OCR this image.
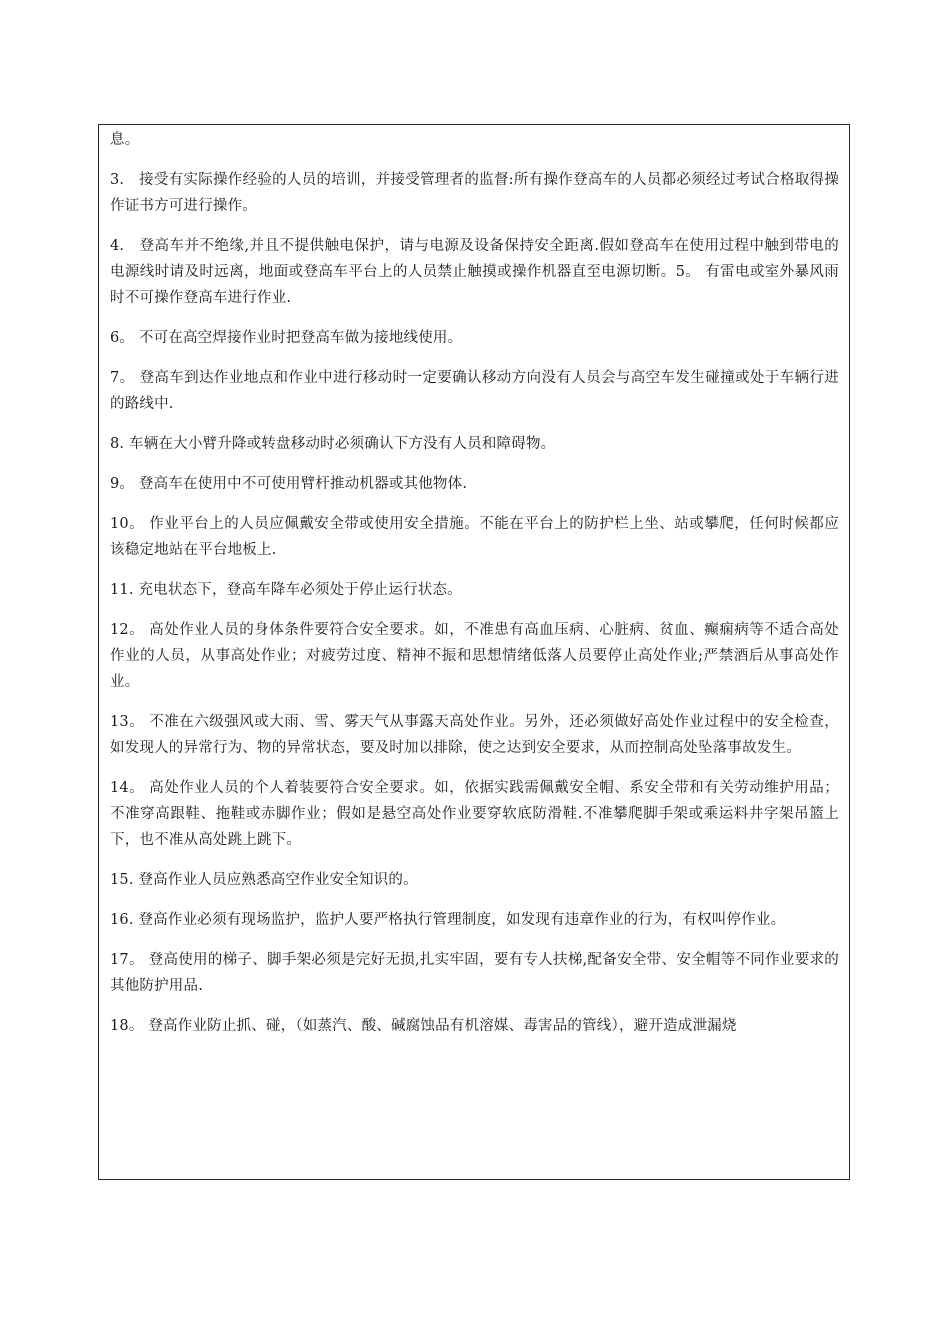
息。

3.　接受有实际操作经验的人员的培训，并接受管理者的监督:所有操作登高车的人员都必须经过考试合格取得操作证书方可进行操作。

4.　登高车并不绝缘,并且不提供触电保护，请与电源及设备保持安全距离.假如登高车在使用过程中触到带电的电源线时请及时远离，地面或登高车平台上的人员禁止触摸或操作机器直至电源切断。5。 有雷电或室外暴风雨时不可操作登高车进行作业.

6。 不可在高空焊接作业时把登高车做为接地线使用。

7。 登高车到达作业地点和作业中进行移动时一定要确认移动方向没有人员会与高空车发生碰撞或处于车辆行进的路线中.

8. 车辆在大小臂升降或转盘移动时必须确认下方没有人员和障碍物。

9。 登高车在使用中不可使用臂杆推动机器或其他物体.

10。 作业平台上的人员应佩戴安全带或使用安全措施。不能在平台上的防护栏上坐、站或攀爬，任何时候都应该稳定地站在平台地板上.

11. 充电状态下，登高车降车必须处于停止运行状态。

12。 高处作业人员的身体条件要符合安全要求。如，不准患有高血压病、心脏病、贫血、癫痫病等不适合高处作业的人员，从事高处作业；对疲劳过度、精神不振和思想情绪低落人员要停止高处作业;严禁酒后从事高处作业。

13。 不准在六级强风或大雨、雪、雾天气从事露天高处作业。另外，还必须做好高处作业过程中的安全检查，如发现人的异常行为、物的异常状态，要及时加以排除，使之达到安全要求，从而控制高处坠落事故发生。

14。 高处作业人员的个人着装要符合安全要求。如，依据实践需佩戴安全帽、系安全带和有关劳动维护用品；不准穿高跟鞋、拖鞋或赤脚作业；假如是悬空高处作业要穿软底防滑鞋.不准攀爬脚手架或乘运料井字架吊篮上下，也不准从高处跳上跳下。

15. 登高作业人员应熟悉高空作业安全知识的。

16. 登高作业必须有现场监护，监护人要严格执行管理制度，如发现有违章作业的行为，有权叫停作业。

17。 登高使用的梯子、脚手架必须是完好无损,扎实牢固，要有专人扶梯,配备安全带、安全帽等不同作业要求的其他防护用品.

18。 登高作业防止抓、碰，（如蒸汽、酸、碱腐蚀品有机溶媒、毒害品的管线），避开造成泄漏烧
